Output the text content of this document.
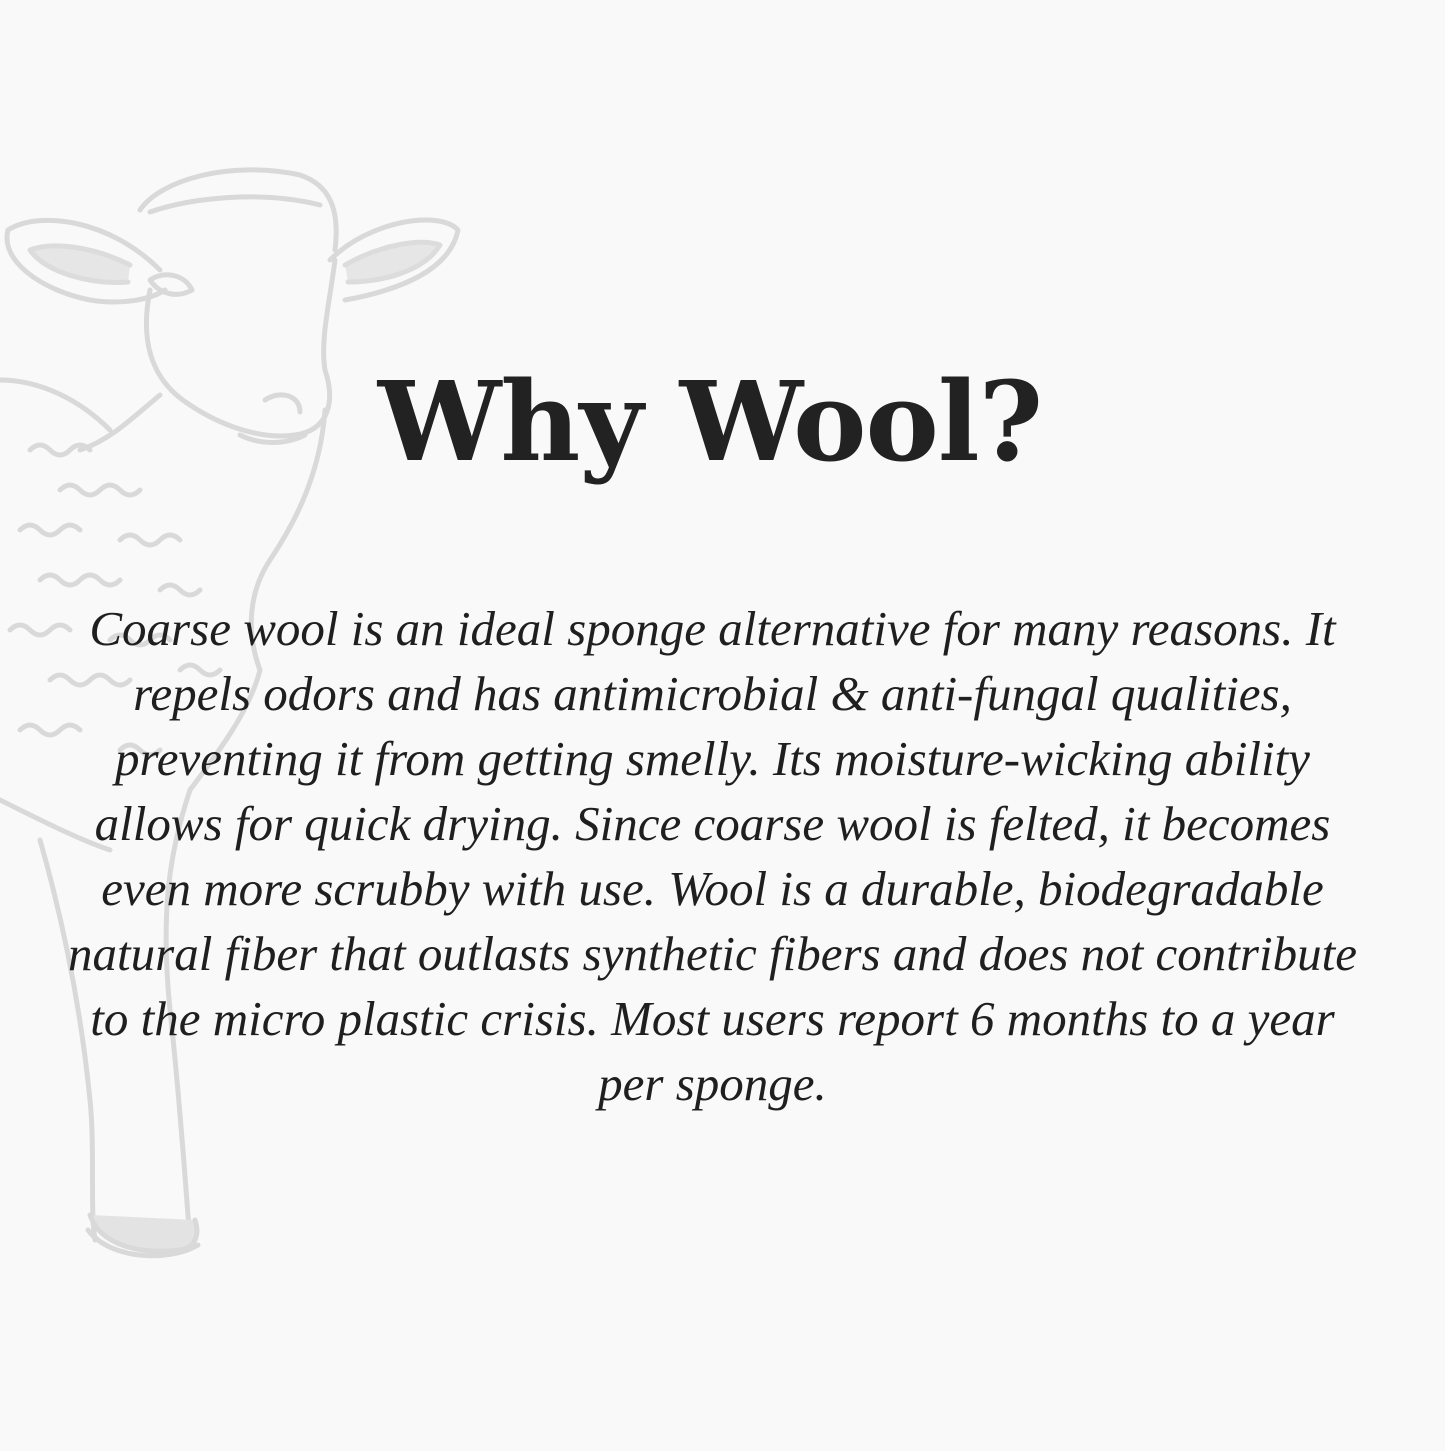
Why Wool?

Coarse wool is an ideal sponge alternative for many reasons. It repels odors and has antimicrobial & anti-fungal qualities, preventing it from getting smelly. Its moisture-wicking ability allows for quick drying. Since coarse wool is felted, it becomes even more scrubby with use. Wool is a durable, biodegradable natural fiber that outlasts synthetic fibers and does not contribute to the micro plastic crisis. Most users report 6 months to a year per sponge.
